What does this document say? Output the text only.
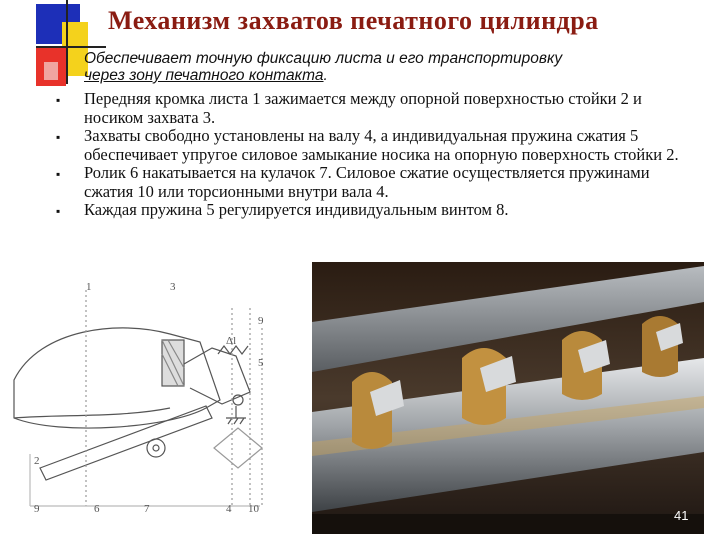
Механизм захватов печатного цилиндра
Обеспечивает точную фиксацию листа и его транспортировку
через зону печатного контакта.
▪ Передняя кромка листа 1 зажимается между опорной поверхностью стойки 2 и носиком захвата 3.
▪ Захваты свободно установлены на валу 4, а индивидуальная пружина сжатия 5 обеспечивает упругое силовое замыкание носика на опорную поверхность стойки 2.
▪ Ролик 6 накатывается на кулачок 7. Силовое сжатие осуществляется пружинами сжатия 10 или торсионными внутри вала 4.
▪ Каждая пружина 5 регулируется индивидуальным винтом 8.
1	3
9
Δl
5
2
9	6	7	4 10	41
